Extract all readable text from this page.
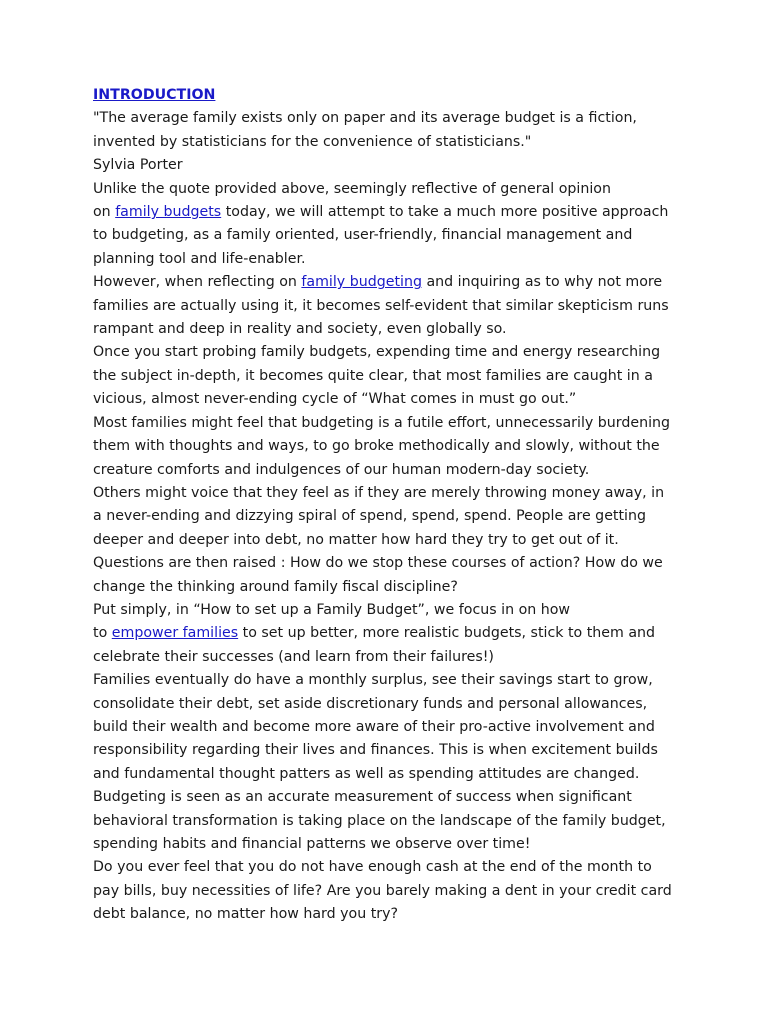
INTRODUCTION

"The average family exists only on paper and its average budget is a fiction,
invented by statisticians for the convenience of statisticians."

Sylvia Porter

Unlike the quote provided above, seemingly reflective of general opinion
on family budgets today, we will attempt to take a much more positive approach
to budgeting, as a family oriented, user-friendly, financial management and
planning tool and life-enabler.

However, when reflecting on family budgeting and inquiring as to why not more
families are actually using it, it becomes self-evident that similar skepticism runs
rampant and deep in reality and society, even globally so.

Once you start probing family budgets, expending time and energy researching
the subject in-depth, it becomes quite clear, that most families are caught in a
vicious, almost never-ending cycle of “What comes in must go out.”

Most families might feel that budgeting is a futile effort, unnecessarily burdening
them with thoughts and ways, to go broke methodically and slowly, without the
creature comforts and indulgences of our human modern-day society.

Others might voice that they feel as if they are merely throwing money away, in
a never-ending and dizzying spiral of spend, spend, spend. People are getting
deeper and deeper into debt, no matter how hard they try to get out of it.

Questions are then raised : How do we stop these courses of action? How do we
change the thinking around family fiscal discipline?

Put simply, in “How to set up a Family Budget”, we focus in on how
to empower families to set up better, more realistic budgets, stick to them and
celebrate their successes (and learn from their failures!)

Families eventually do have a monthly surplus, see their savings start to grow,
consolidate their debt, set aside discretionary funds and personal allowances,
build their wealth and become more aware of their pro-active involvement and
responsibility regarding their lives and finances. This is when excitement builds
and fundamental thought patters as well as spending attitudes are changed.

Budgeting is seen as an accurate measurement of success when significant
behavioral transformation is taking place on the landscape of the family budget,
spending habits and financial patterns we observe over time!

Do you ever feel that you do not have enough cash at the end of the month to
pay bills, buy necessities of life? Are you barely making a dent in your credit card
debt balance, no matter how hard you try?
